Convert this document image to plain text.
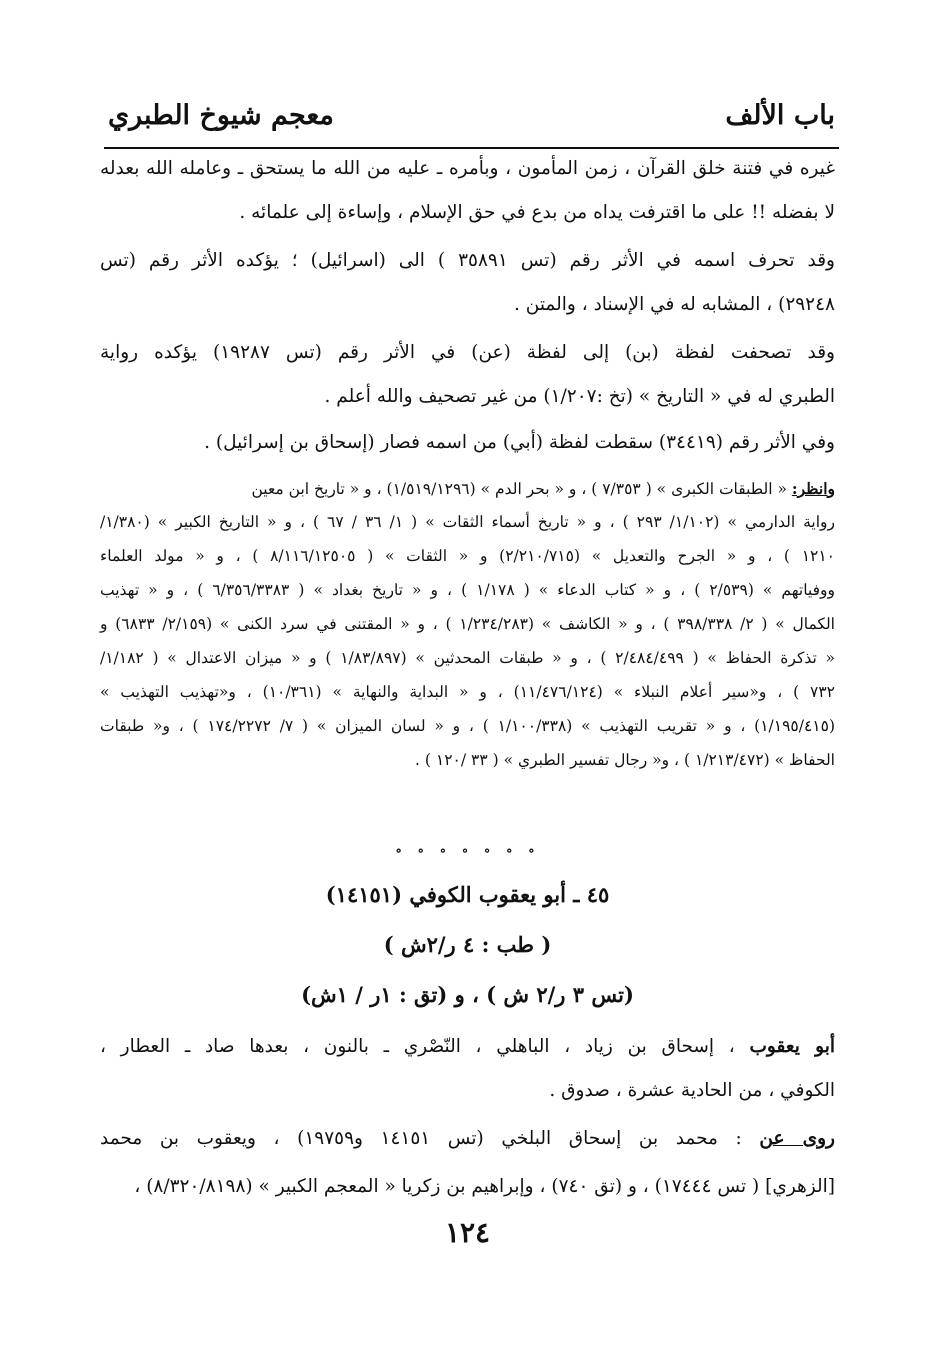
باب الألف
معجم شيوخ الطبري
غيره في فتنة خلق القرآن ، زمن المأمون ، وبأمره ـ عليه من الله ما يستحق ـ وعامله الله بعدله
لا بفضله !! على ما اقترفت يداه من بدع في حق الإسلام ، وإساءة إلى علمائه .
وقد تحرف اسمه في الأثر رقم (تس ٣٥٨٩١ ) الى (اسرائيل) ؛ يؤكده الأثر رقم (تس
٢٩٢٤٨) ، المشابه له في الإسناد ، والمتن .
وقد تصحفت لفظة (بن) إلى لفظة (عن) في الأثر رقم (تس ١٩٢٨٧) يؤكده رواية
الطبري له في « التاريخ » (تخ :١/٢٠٧) من غير تصحيف والله أعلم .
وفي الأثر رقم (٣٤٤١٩) سقطت لفظة (أبي) من اسمه فصار (إسحاق بن إسرائيل) .
وانظر: « الطبقات الكبرى » ( ٧/٣٥٣ ) ، و « بحر الدم » (١/٥١٩/١٢٩٦) ، و « تاريخ ابن معين
رواية الدارمي » (١/١٠٢/ ٢٩٣ ) ، و « تاريخ أسماء الثقات » ( ١/ ٣٦ / ٦٧ ) ، و « التاريخ الكبير » (١/٣٨٠/
١٢١٠ ) ، و « الجرح والتعديل » (٢/٢١٠/٧١٥) و « الثقات » ( ٨/١١٦/١٢٥٠٥ ) ، و « مولد العلماء
ووفياتهم » (٢/٥٣٩ ) ، و « كتاب الدعاء » ( ١/١٧٨ ) ، و « تاريخ بغداد » ( ٦/٣٥٦/٣٣٨٣ ) ، و « تهذيب
الكمال » ( ٢/ ٣٩٨/٣٣٨ ) ، و « الكاشف » (١/٢٣٤/٢٨٣ ) ، و « المقتنى في سرد الكنى » (٢/١٥٩/ ٦٨٣٣) و
« تذكرة الحفاظ » ( ٢/٤٨٤/٤٩٩ ) ، و « طبقات المحدثين » (١/٨٣/٨٩٧ ) و « ميزان الاعتدال » ( ١/١٨٢/
٧٣٢ ) ، و«سير أعلام النبلاء » (١١/٤٧٦/١٢٤) ، و « البداية والنهاية » (١٠/٣٦١) ، و«تهذيب التهذيب »
(١/١٩٥/٤١٥) ، و « تقريب التهذيب » (١/١٠٠/٣٣٨ ) ، و « لسان الميزان » ( ٧/ ١٧٤/٢٢٧٢ ) ، و« طبقات
الحفاظ » (١/٢١٣/٤٧٢ ) ، و« رجال تفسير الطبري » ( ٣٣ /١٢٠ ) .
∘ ∘ ∘ ∘ ∘ ∘ ∘
٤٥ ـ أبو يعقوب الكوفي (١٤١٥١)
( طب : ٤ ر/٢ش )
(تس ٣ ر/٢ ش ) ، و (تق : ١ر / ١ش)
أبو يعقوب ، إسحاق بن زياد ، الباهلي ، النّصْري ـ بالنون ، بعدها صاد ـ العطار ،
الكوفي ، من الحادية عشرة ، صدوق .
روى عن : محمد بن إسحاق البلخي (تس ١٤١٥١ و١٩٧٥٩) ، ويعقوب بن محمد
[الزهري] ( تس ١٧٤٤٤) ، و (تق ٧٤٠) ، وإبراهيم بن زكريا « المعجم الكبير » (٨/٣٢٠/٨١٩٨) ،
١٢٤
